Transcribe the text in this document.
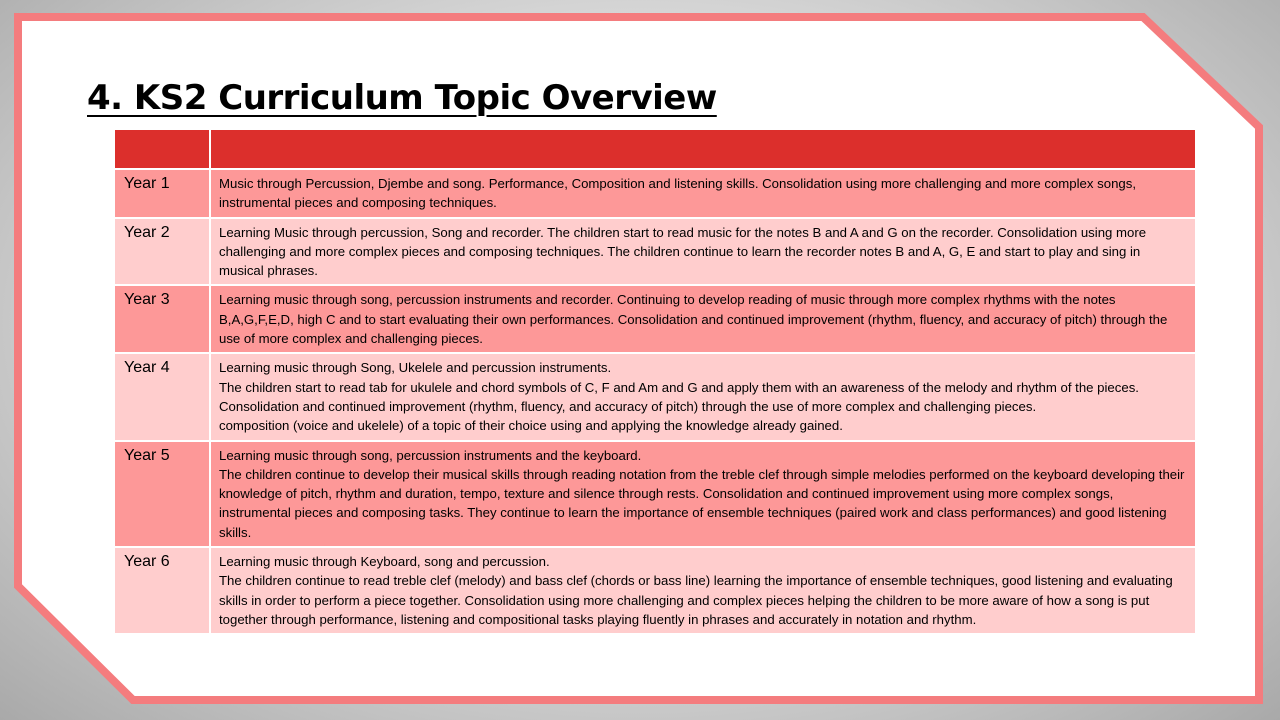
4. KS2 Curriculum Topic Overview

Year 1	Music through Percussion, Djembe and song. Performance, Composition and listening skills. Consolidation using more challenging and more complex songs, instrumental pieces and composing techniques.

Year 2	Learning Music through percussion, Song and recorder. The children start to read music for the notes B and A and G on the recorder. Consolidation using more challenging and more complex pieces and composing techniques. The children continue to learn the recorder notes B and A, G, E and start to play and sing in musical phrases.

Year 3	Learning music through song, percussion instruments and recorder. Continuing to develop reading of music through more complex rhythms with the notes B,A,G,F,E,D, high C and to start evaluating their own performances. Consolidation and continued improvement (rhythm, fluency, and accuracy of pitch) through the use of more complex and challenging pieces.

Year 4	Learning music through Song, Ukelele and percussion instruments.
The children start to read tab for ukulele and chord symbols of C, F and Am and G and apply them with an awareness of the melody and rhythm of the pieces.
Consolidation and continued improvement (rhythm, fluency, and accuracy of pitch) through the use of more complex and challenging pieces.
composition (voice and ukelele) of a topic of their choice using and applying the knowledge already gained.

Year 5	Learning music through song, percussion instruments and the keyboard.
The children continue to develop their musical skills through reading notation from the treble clef through simple melodies performed on the keyboard developing their knowledge of pitch, rhythm and duration, tempo, texture and silence through rests. Consolidation and continued improvement using more complex songs, instrumental pieces and composing tasks. They continue to learn the importance of ensemble techniques (paired work and class performances) and good listening skills.

Year 6	Learning music through Keyboard, song and percussion.
The children continue to read treble clef (melody) and bass clef (chords or bass line) learning the importance of ensemble techniques, good listening and evaluating skills in order to perform a piece together. Consolidation using more challenging and complex pieces helping the children to be more aware of how a song is put together through performance, listening and compositional tasks playing fluently in phrases and accurately in notation and rhythm.
